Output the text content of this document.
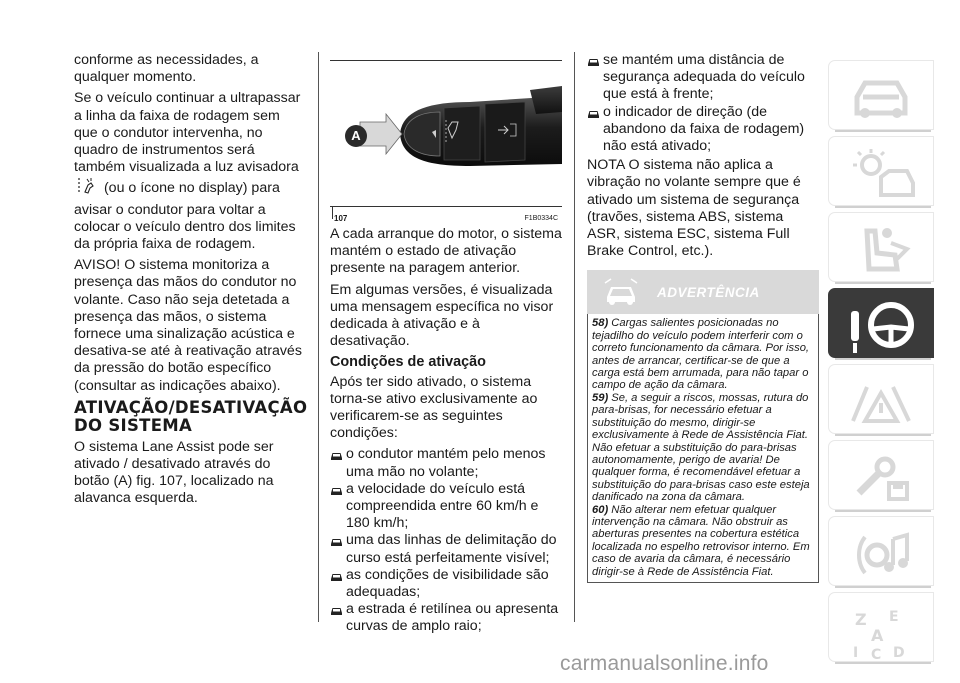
conforme as necessidades, a qualquer momento.

Se o veículo continuar a ultrapassar a linha da faixa de rodagem sem que o condutor intervenha, no quadro de instrumentos será também visualizada a luz avisadora  (ou o ícone no display) para avisar o condutor para voltar a colocar o veículo dentro dos limites da própria faixa de rodagem.

AVISO! O sistema monitoriza a presença das mãos do condutor no volante. Caso não seja detetada a presença das mãos, o sistema fornece uma sinalização acústica e desativa-se até à reativação através da pressão do botão específico (consultar as indicações abaixo).

ATIVAÇÃO/DESATIVAÇÃO DO SISTEMA

O sistema Lane Assist pode ser ativado / desativado através do botão (A) fig. 107, localizado na alavanca esquerda.

A
107	F1B0334C

A cada arranque do motor, o sistema mantém o estado de ativação presente na paragem anterior.

Em algumas versões, é visualizada uma mensagem específica no visor dedicada à ativação e à desativação.

Condições de ativação

Após ter sido ativado, o sistema torna-se ativo exclusivamente ao verificarem-se as seguintes condições:

o condutor mantém pelo menos uma mão no volante;
a velocidade do veículo está compreendida entre 60 km/h e 180 km/h;
uma das linhas de delimitação do curso está perfeitamente visível;
as condições de visibilidade são adequadas;
a estrada é retilínea ou apresenta curvas de amplo raio;
se mantém uma distância de segurança adequada do veículo que está à frente;
o indicador de direção (de abandono da faixa de rodagem) não está ativado;

NOTA O sistema não aplica a vibração no volante sempre que é ativado um sistema de segurança (travões, sistema ABS, sistema ASR, sistema ESC, sistema Full Brake Control, etc.).

ADVERTÊNCIA

58) Cargas salientes posicionadas no tejadilho do veículo podem interferir com o correto funcionamento da câmara. Por isso, antes de arrancar, certificar-se de que a carga está bem arrumada, para não tapar o campo de ação da câmara.

59) Se, a seguir a riscos, mossas, rutura do para-brisas, for necessário efetuar a substituição do mesmo, dirigir-se exclusivamente à Rede de Assistência Fiat. Não efetuar a substituição do para-brisas autonomamente, perigo de avaria! De qualquer forma, é recomendável efetuar a substituição do para-brisas caso este esteja danificado na zona da câmara.

60) Não alterar nem efetuar qualquer intervenção na câmara. Não obstruir as aberturas presentes na cobertura estética localizada no espelho retrovisor interno. Em caso de avaria da câmara, é necessário dirigir-se à Rede de Assistência Fiat.

carmanualsonline.info
Z E
A
I C D
